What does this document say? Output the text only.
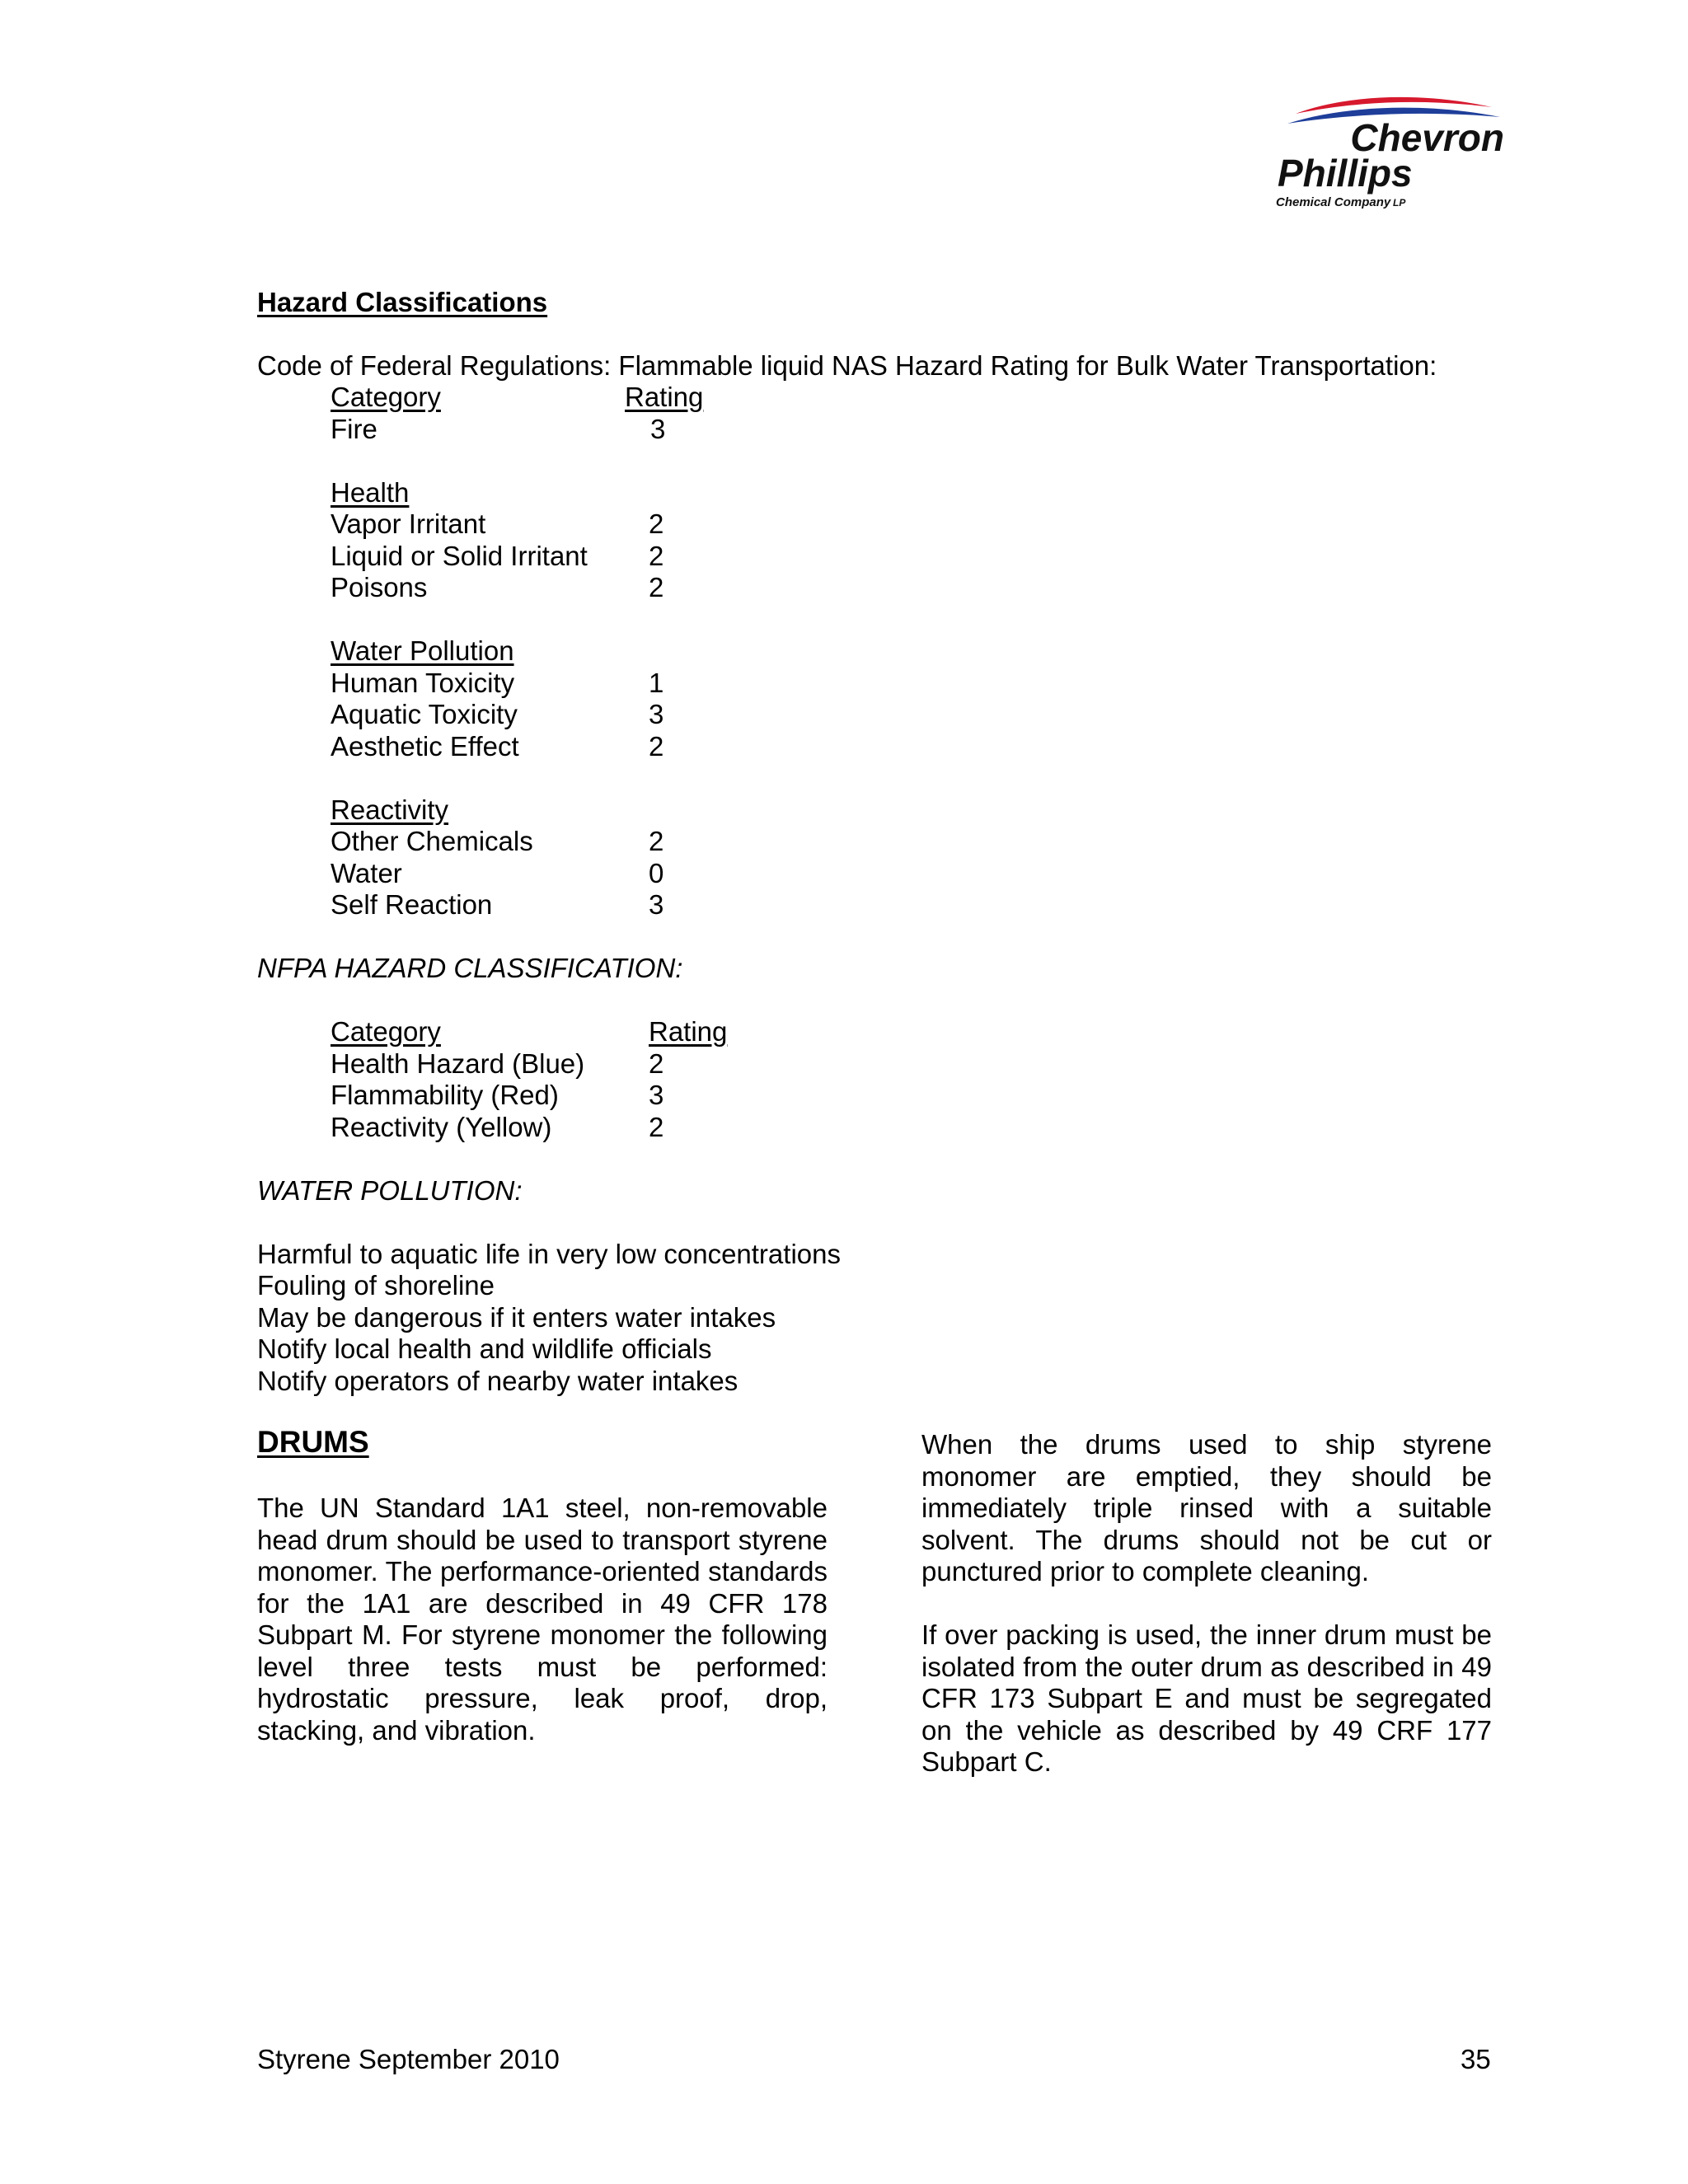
Chevron
Phillips
Chemical Company LP
Hazard Classifications
Code of Federal Regulations: Flammable liquid NAS Hazard Rating for Bulk Water Transportation:
Category	Rating
Fire	3
Health
Vapor Irritant	2
Liquid or Solid Irritant 2
Poisons	2
Water Pollution
Human Toxicity	1
Aquatic Toxicity	3
Aesthetic Effect	2
Reactivity
Other Chemicals	2
Water	0
Self Reaction	3
NFPA HAZARD CLASSIFICATION:
Category	Rating
Health Hazard (Blue) 2
Flammability (Red)	3
Reactivity (Yellow)	2
WATER POLLUTION:
Harmful to aquatic life in very low concentrations
Fouling of shoreline
May be dangerous if it enters water intakes
Notify local health and wildlife officials
Notify operators of nearby water intakes
DRUMS

The UN Standard 1A1 steel, non-removable head drum should be used to transport styrene monomer. The performance-oriented standards for the 1A1 are described in 49 CFR 178 Subpart M. For styrene monomer the following level three tests must be performed: hydrostatic pressure, leak proof, drop, stacking, and vibration.

When the drums used to ship styrene monomer are emptied, they should be immediately triple rinsed with a suitable solvent. The drums should not be cut or punctured prior to complete cleaning.

If over packing is used, the inner drum must be isolated from the outer drum as described in 49 CFR 173 Subpart E and must be segregated on the vehicle as described by 49 CRF 177 Subpart C.

Styrene September 2010	35
